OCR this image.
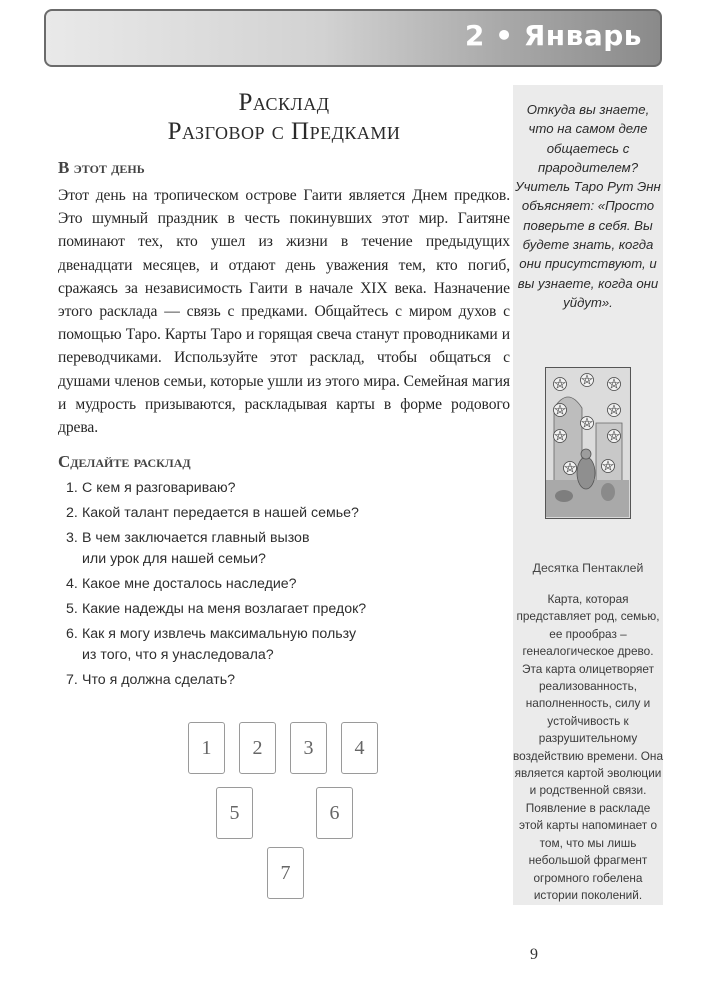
2 • Январь
Расклад
Разговор с Предками
В этот день

Этот день на тропическом острове Гаити является Днем предков. Это шумный праздник в честь покинувших этот мир. Гаитяне поминают тех, кто ушел из жизни в течение предыдущих двенадцати месяцев, и отдают день уважения тем, кто погиб, сражаясь за независимость Гаити в начале XIX века. Назначение этого расклада — связь с предками. Общайтесь с миром духов с помощью Таро. Карты Таро и горящая свеча станут проводниками и переводчиками. Используйте этот расклад, чтобы общаться с душами членов семьи, которые ушли из этого мира. Семейная магия и мудрость призываются, раскладывая карты в форме родового древа.

Сделайте расклад
1. С кем я разговариваю?
2. Какой талант передается в нашей семье?
3. В чем заключается главный вызов
или урок для нашей семьи?
4. Какое мне досталось наследие?
5. Какие надежды на меня возлагает предок?
6. Как я могу извлечь максимальную пользу
из того, что я унаследовала?
7. Что я должна сделать?
1	2	3	4
5	6
7
Откуда вы знаете, что на самом деле общаетесь с прародителем? Учитель Таро Рут Энн объясняет: «Просто поверьте в себя. Вы будете знать, когда они присутствуют, и вы узнаете, когда они уйдут».
Десятка Пентаклей
Карта, которая представляет род, семью, ее прообраз – генеалогическое древо. Эта карта олицетворяет реализованность, наполненность, силу и устойчивость к разрушительному воздействию времени. Она является картой эволюции и родственной связи. Появление в раскладе этой карты напоминает о том, что мы лишь небольшой фрагмент огромного гобелена истории поколений.
9
